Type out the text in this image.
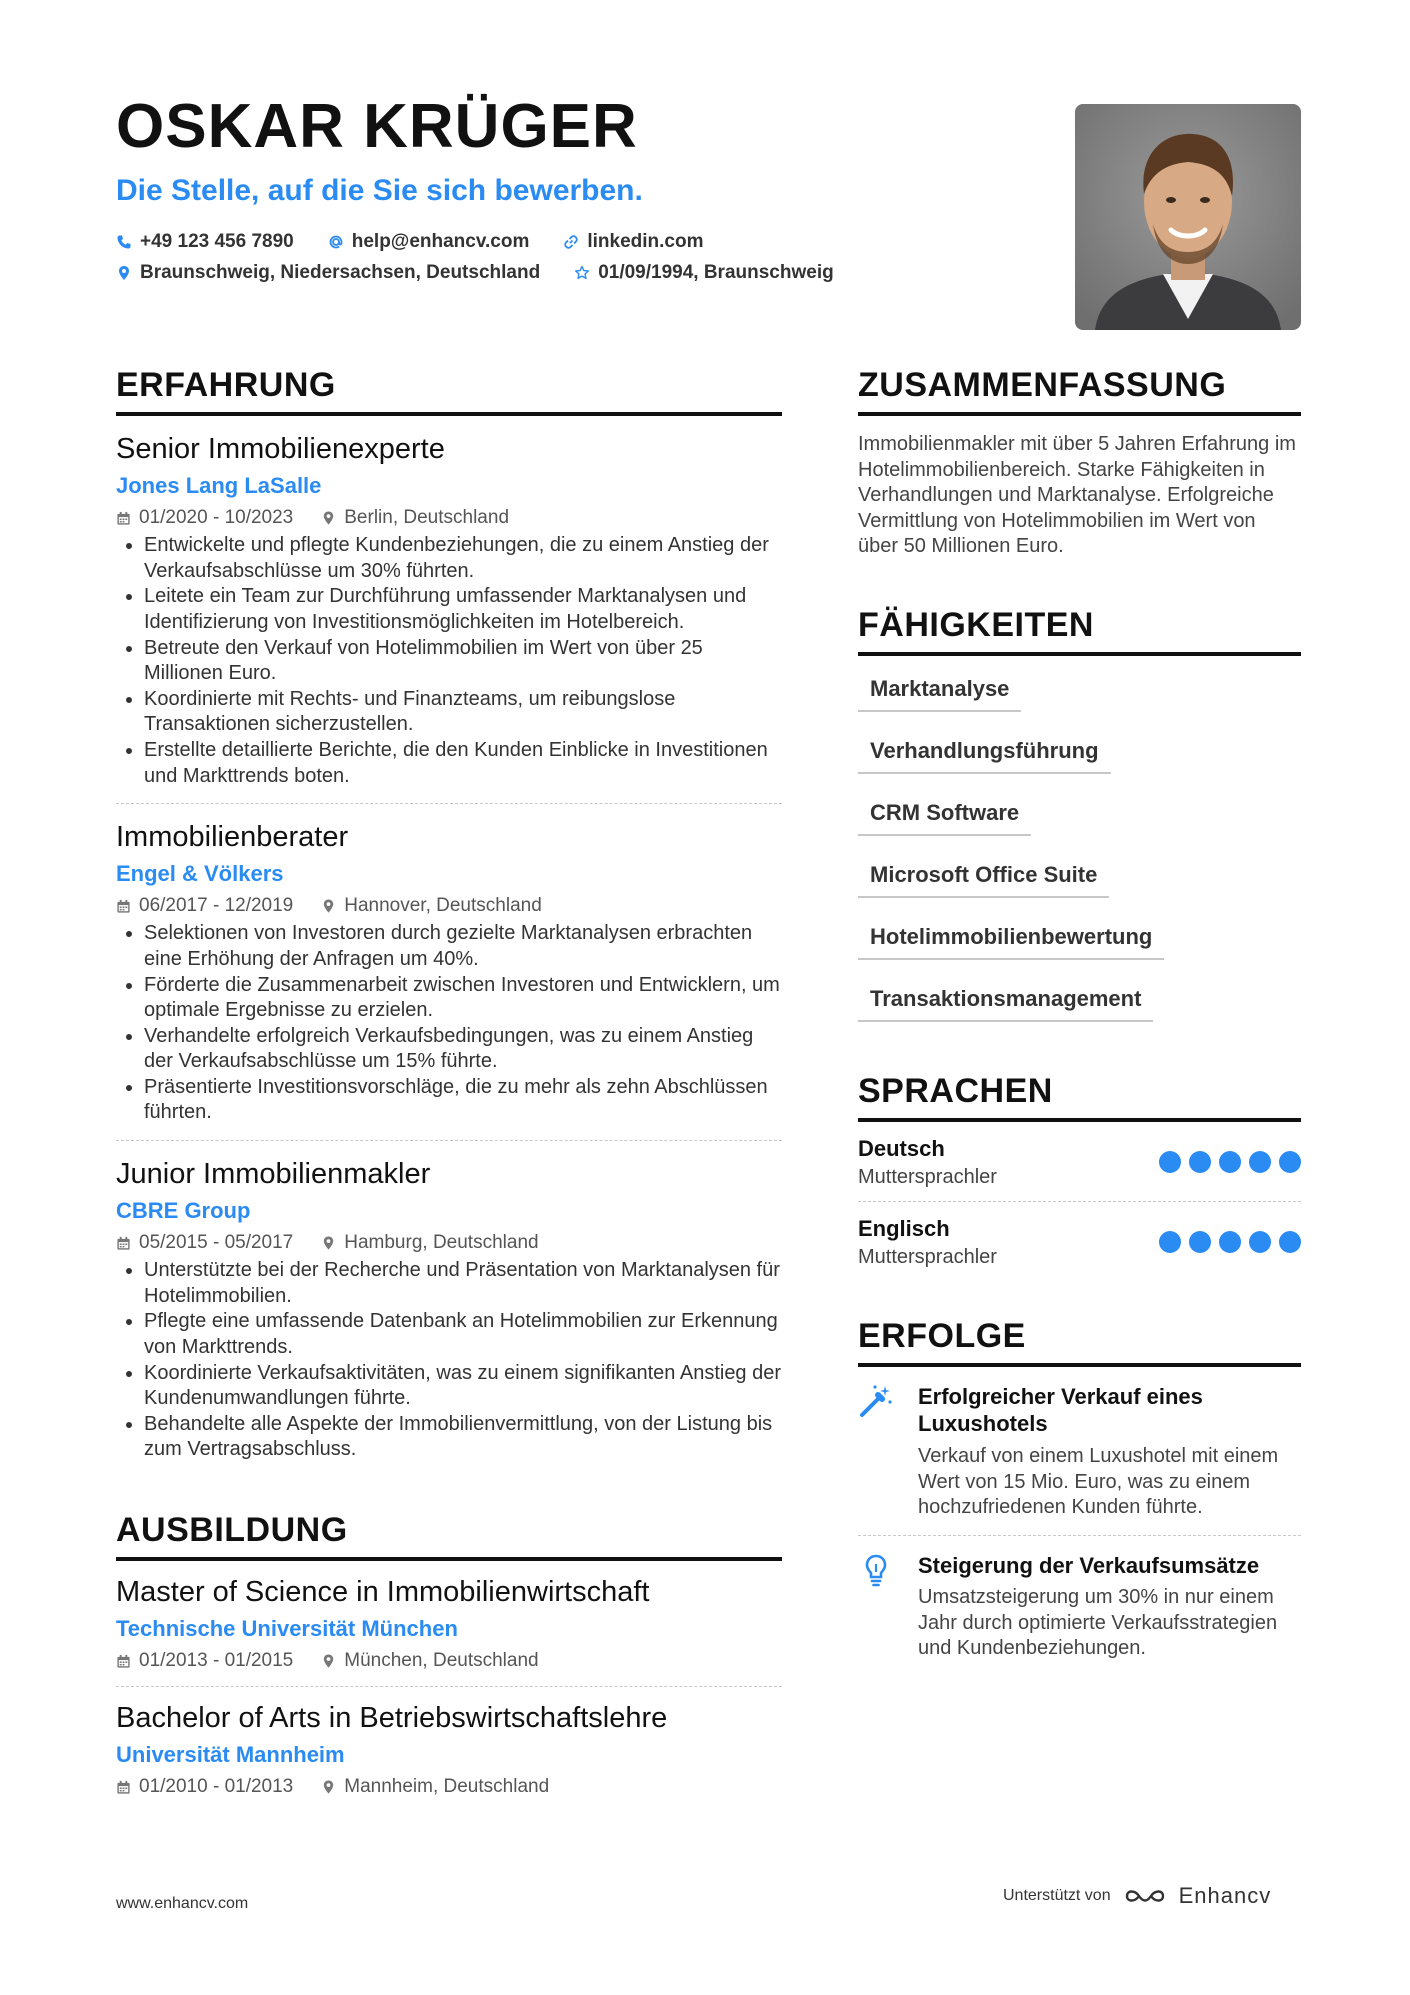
OSKAR KRÜGER
Die Stelle, auf die Sie sich bewerben.
+49 123 456 7890	help@enhancv.com	linkedin.com
Braunschweig, Niedersachsen, Deutschland	01/09/1994, Braunschweig
ERFAHRUNG
Senior Immobilienexperte
Jones Lang LaSalle
01/2020 - 10/2023	Berlin, Deutschland
• Entwickelte und pflegte Kundenbeziehungen, die zu einem Anstieg der Verkaufsabschlüsse um 30% führten.
• Leitete ein Team zur Durchführung umfassender Marktanalysen und Identifizierung von Investitionsmöglichkeiten im Hotelbereich.
• Betreute den Verkauf von Hotelimmobilien im Wert von über 25 Millionen Euro.
• Koordinierte mit Rechts- und Finanzteams, um reibungslose Transaktionen sicherzustellen.
• Erstellte detaillierte Berichte, die den Kunden Einblicke in Investitionen und Markttrends boten.
Immobilienberater
Engel & Völkers
06/2017 - 12/2019	Hannover, Deutschland
• Selektionen von Investoren durch gezielte Marktanalysen erbrachten eine Erhöhung der Anfragen um 40%.
• Förderte die Zusammenarbeit zwischen Investoren und Entwicklern, um optimale Ergebnisse zu erzielen.
• Verhandelte erfolgreich Verkaufsbedingungen, was zu einem Anstieg der Verkaufsabschlüsse um 15% führte.
• Präsentierte Investitionsvorschläge, die zu mehr als zehn Abschlüssen führten.
Junior Immobilienmakler
CBRE Group
05/2015 - 05/2017	Hamburg, Deutschland
• Unterstützte bei der Recherche und Präsentation von Marktanalysen für Hotelimmobilien.
• Pflegte eine umfassende Datenbank an Hotelimmobilien zur Erkennung von Markttrends.
• Koordinierte Verkaufsaktivitäten, was zu einem signifikanten Anstieg der Kundenumwandlungen führte.
• Behandelte alle Aspekte der Immobilienvermittlung, von der Listung bis zum Vertragsabschluss.
AUSBILDUNG
Master of Science in Immobilienwirtschaft
Technische Universität München
01/2013 - 01/2015	München, Deutschland
Bachelor of Arts in Betriebswirtschaftslehre
Universität Mannheim
01/2010 - 01/2013	Mannheim, Deutschland
ZUSAMMENFASSUNG
Immobilienmakler mit über 5 Jahren Erfahrung im Hotelimmobilienbereich. Starke Fähigkeiten in Verhandlungen und Marktanalyse. Erfolgreiche Vermittlung von Hotelimmobilien im Wert von über 50 Millionen Euro.
FÄHIGKEITEN
Marktanalyse
Verhandlungsführung
CRM Software
Microsoft Office Suite
Hotelimmobilienbewertung
Transaktionsmanagement
SPRACHEN
Deutsch
Muttersprachler
Englisch
Muttersprachler
ERFOLGE
Erfolgreicher Verkauf eines Luxushotels
Verkauf von einem Luxushotel mit einem Wert von 15 Mio. Euro, was zu einem hochzufriedenen Kunden führte.
Steigerung der Verkaufsumsätze
Umsatzsteigerung um 30% in nur einem Jahr durch optimierte Verkaufsstrategien und Kundenbeziehungen.
www.enhancv.com	Unterstützt von	Enhancv
